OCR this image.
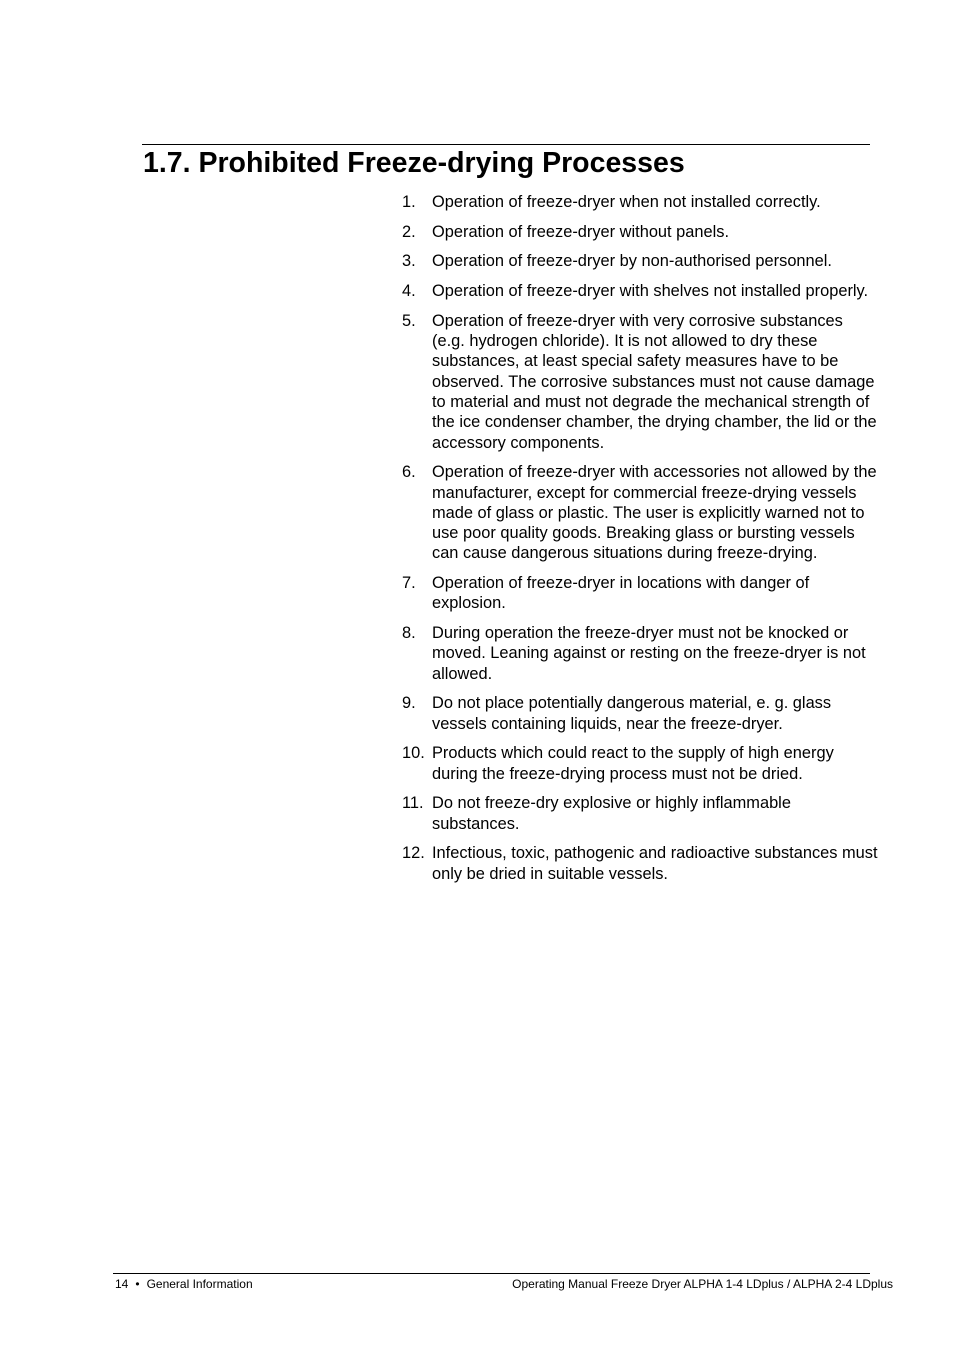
1.7. Prohibited Freeze-drying Processes
1. Operation of freeze-dryer when not installed correctly.
2. Operation of freeze-dryer without panels.
3. Operation of freeze-dryer by non-authorised personnel.
4. Operation of freeze-dryer with shelves not installed properly.
5. Operation of freeze-dryer with very corrosive substances (e.g. hydrogen chloride). It is not allowed to dry these substances, at least special safety measures have to be observed. The corrosive substances must not cause damage to material and must not degrade the mechanical strength of the ice condenser chamber, the drying chamber, the lid or the accessory components.
6. Operation of freeze-dryer with accessories not allowed by the manufacturer, except for commercial freeze-drying vessels made of glass or plastic. The user is explicitly warned not to use poor quality goods. Breaking glass or bursting vessels can cause dangerous situations during freeze-drying.
7. Operation of freeze-dryer in locations with danger of explosion.
8. During operation the freeze-dryer must not be knocked or moved. Leaning against or resting on the freeze-dryer is not allowed.
9. Do not place potentially dangerous material, e. g. glass vessels containing liquids, near the freeze-dryer.
10. Products which could react to the supply of high energy during the freeze-drying process must not be dried.
11. Do not freeze-dry explosive or highly inflammable substances.
12. Infectious, toxic, pathogenic and radioactive substances must only be dried in suitable vessels.
14 • General Information	Operating Manual Freeze Dryer ALPHA 1-4 LDplus / ALPHA 2-4 LDplus
